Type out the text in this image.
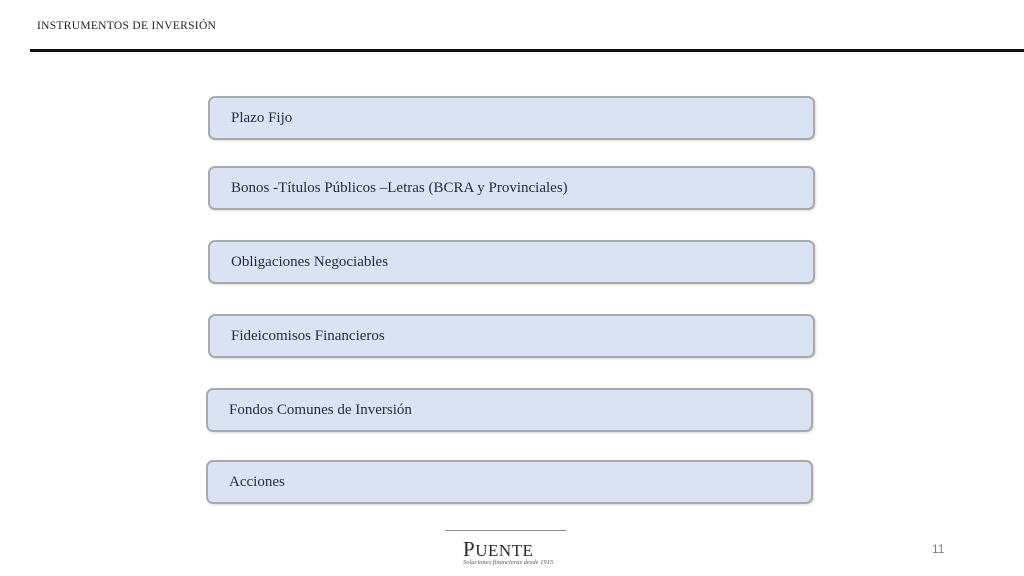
INSTRUMENTOS DE INVERSIÓN
Plazo Fijo
Bonos -Títulos Públicos –Letras (BCRA y Provinciales)
Obligaciones Negociables
Fideicomisos Financieros
Fondos Comunes de Inversión
Acciones
PUENTE
Soluciones financieras desde 1915
11
